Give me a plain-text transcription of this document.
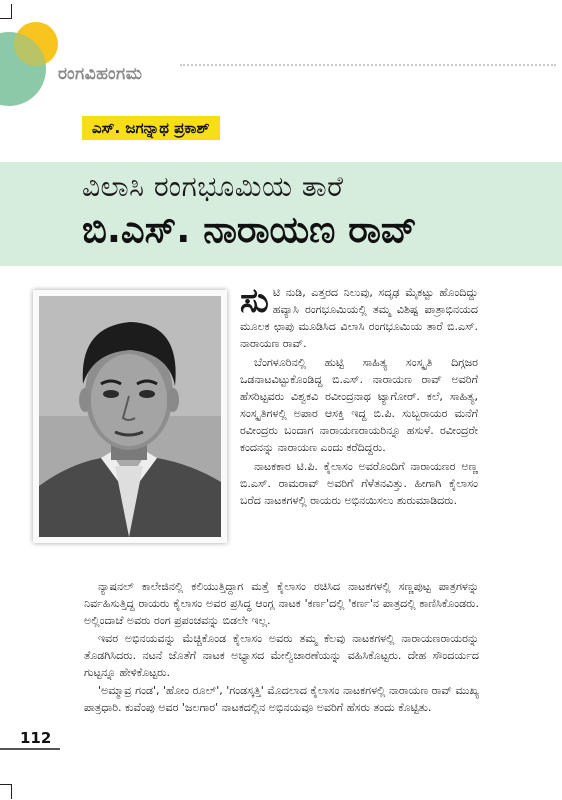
ರಂಗವಿಹಂಗಮ
ಎಸ್. ಜಗನ್ನಾಥ ಪ್ರಕಾಶ್
ವಿಲಾಸಿ ರಂಗಭೂಮಿಯ ತಾರೆ
ಬಿ.ಎಸ್. ನಾರಾಯಣ ರಾವ್

ಸುಟಿ ನುಡಿ, ಎತ್ತರದ ನಿಲುವು, ಸದೃಢ ಮೈಕಟ್ಟು ಹೊಂದಿದ್ದು ಹವ್ಯಾಸಿ ರಂಗಭೂಮಿಯಲ್ಲಿ ತಮ್ಮ ವಿಶಿಷ್ಟ ಪಾತ್ರಾಭಿನಯದ ಮೂಲಕ ಛಾಪು ಮೂಡಿಸಿದ ವಿಲಾಸಿ ರಂಗಭೂಮಿಯ ತಾರೆ ಬಿ.ಎಸ್. ನಾರಾಯಣ ರಾವ್.

ಬೆಂಗಳೂರಿನಲ್ಲಿ ಹುಟ್ಟಿ ಸಾಹಿತ್ಯ ಸಂಸ್ಕೃತಿ ದಿಗ್ಗಜರ ಒಡನಾಟವಿಟ್ಟುಕೊಂಡಿದ್ದ ಬಿ.ಎಸ್. ನಾರಾಯಣ ರಾವ್ ಅವರಿಗೆ ಹೆಸರಿಟ್ಟವರು ವಿಶ್ವಕವಿ ರವೀಂದ್ರನಾಥ ಟ್ಯಾಗೋರ್. ಕಲೆ, ಸಾಹಿತ್ಯ, ಸಂಸ್ಕೃತಿಗಳಲ್ಲಿ ಅಪಾರ ಆಸಕ್ತಿ ಇದ್ದ ಬಿ.ಪಿ. ಸುಬ್ಬರಾಯರ ಮನೆಗೆ ರವೀಂದ್ರರು ಬಂದಾಗ ನಾರಾಯಣರಾಯರಿನ್ನೂ ಹಸುಳೆ. ರವೀಂದ್ರರೇ ಕಂದನನ್ನು ನಾರಾಯಣ ಎಂದು ಕರೆದಿದ್ದರು.

ನಾಟಕಕಾರ ಟಿ.ಪಿ. ಕೈಲಾಸಂ ಅವರೊಂದಿಗೆ ನಾರಾಯಣರ ಅಣ್ಣ ಬಿ.ಎಸ್. ರಾಮರಾವ್ ಅವರಿಗೆ ಗೆಳೆತನವಿತ್ತು. ಹೀಗಾಗಿ ಕೈಲಾಸಂ ಬರೆದ ನಾಟಕಗಳಲ್ಲಿ ರಾಯರು ಅಭಿನಯಿಸಲು ಶುರುಮಾಡಿದರು.

ನ್ಯಾಷನಲ್ ಕಾಲೇಜಿನಲ್ಲಿ ಕಲಿಯುತ್ತಿದ್ದಾಗ ಮತ್ತೆ ಕೈಲಾಸಂ ರಚಿಸಿದ ನಾಟಕಗಳಲ್ಲಿ ಸಣ್ಣಪುಟ್ಟ ಪಾತ್ರಗಳನ್ನು ನಿರ್ವಹಿಸುತ್ತಿದ್ದ ರಾಯರು ಕೈಲಾಸಂ ಅವರ ಪ್ರಸಿದ್ಧ ಆಂಗ್ಲ ನಾಟಕ 'ಕರ್ಣ'ದಲ್ಲಿ 'ಕರ್ಣ'ನ ಪಾತ್ರದಲ್ಲಿ ಕಾಣಿಸಿಕೊಂಡರು. ಅಲ್ಲಿಂದಾಚೆ ಅವರು ರಂಗ ಪ್ರಪಂಚವನ್ನು ಬಿಡಲೇ ಇಲ್ಲ.

ಇವರ ಅಭಿನಯವನ್ನು ಮೆಚ್ಚಿಕೊಂಡ ಕೈಲಾಸಂ ಅವರು ತಮ್ಮ ಕೆಲವು ನಾಟಕಗಳಲ್ಲಿ ನಾರಾಯಣರಾಯರನ್ನು ತೊಡಗಿಸಿದರು. ನಟನೆ ಜೊತೆಗೆ ನಾಟಕ ಅಭ್ಯಾಸದ ಮೇಲ್ವಿಚಾರಣೆಯನ್ನು ವಹಿಸಿಕೊಟ್ಟರು. ದೇಹ ಸೌಂದರ್ಯದ ಗುಟ್ಟನ್ನೂ ಹೇಳಿಕೊಟ್ಟರು.

'ಅಮ್ಮಾವ್ರ ಗಂಡ', 'ಹೋಂ ರೂಲ್', 'ಗಂಡಸ್ಕತ್ತಿ' ಮೊದಲಾದ ಕೈಲಾಸಂ ನಾಟಕಗಳಲ್ಲಿ ನಾರಾಯಣ ರಾವ್ ಮುಖ್ಯ ಪಾತ್ರಧಾರಿ. ಕುವೆಂಪು ಅವರ 'ಜಲಗಾರ' ನಾಟಕದಲ್ಲಿನ ಅಭಿನಯವೂ ಅವರಿಗೆ ಹೆಸರು ತಂದು ಕೊಟ್ಟಿತು.

112
